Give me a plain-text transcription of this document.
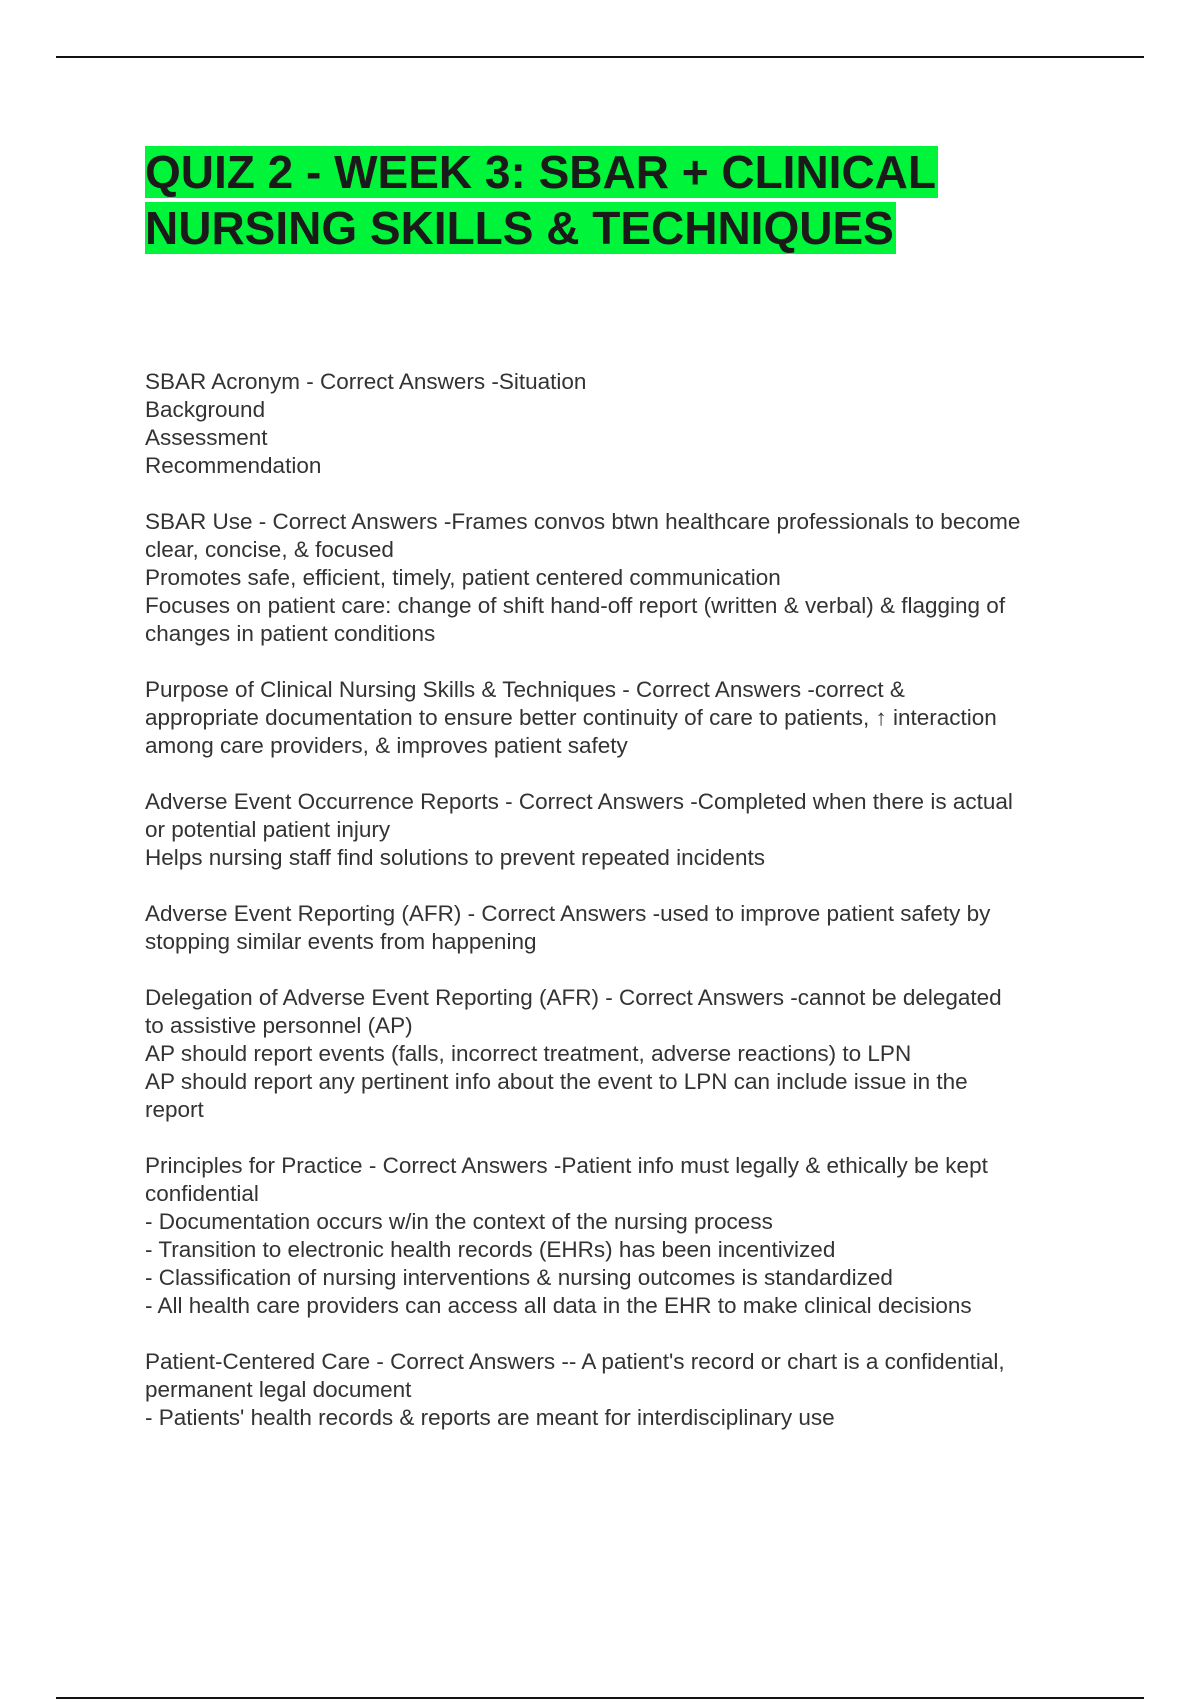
QUIZ 2 - WEEK 3: SBAR + CLINICAL
NURSING SKILLS & TECHNIQUES
SBAR Acronym - Correct Answers -Situation
Background
Assessment
Recommendation
SBAR Use - Correct Answers -Frames convos btwn healthcare professionals to become
clear, concise, & focused
Promotes safe, efficient, timely, patient centered communication
Focuses on patient care: change of shift hand-off report (written & verbal) & flagging of
changes in patient conditions
Purpose of Clinical Nursing Skills & Techniques - Correct Answers -correct &
appropriate documentation to ensure better continuity of care to patients, ↑ interaction
among care providers, & improves patient safety
Adverse Event Occurrence Reports - Correct Answers -Completed when there is actual
or potential patient injury
Helps nursing staff find solutions to prevent repeated incidents
Adverse Event Reporting (AFR) - Correct Answers -used to improve patient safety by
stopping similar events from happening
Delegation of Adverse Event Reporting (AFR) - Correct Answers -cannot be delegated
to assistive personnel (AP)
AP should report events (falls, incorrect treatment, adverse reactions) to LPN
AP should report any pertinent info about the event to LPN can include issue in the
report
Principles for Practice - Correct Answers -Patient info must legally & ethically be kept
confidential
- Documentation occurs w/in the context of the nursing process
- Transition to electronic health records (EHRs) has been incentivized
- Classification of nursing interventions & nursing outcomes is standardized
- All health care providers can access all data in the EHR to make clinical decisions
Patient-Centered Care - Correct Answers -- A patient's record or chart is a confidential,
permanent legal document
- Patients' health records & reports are meant for interdisciplinary use
